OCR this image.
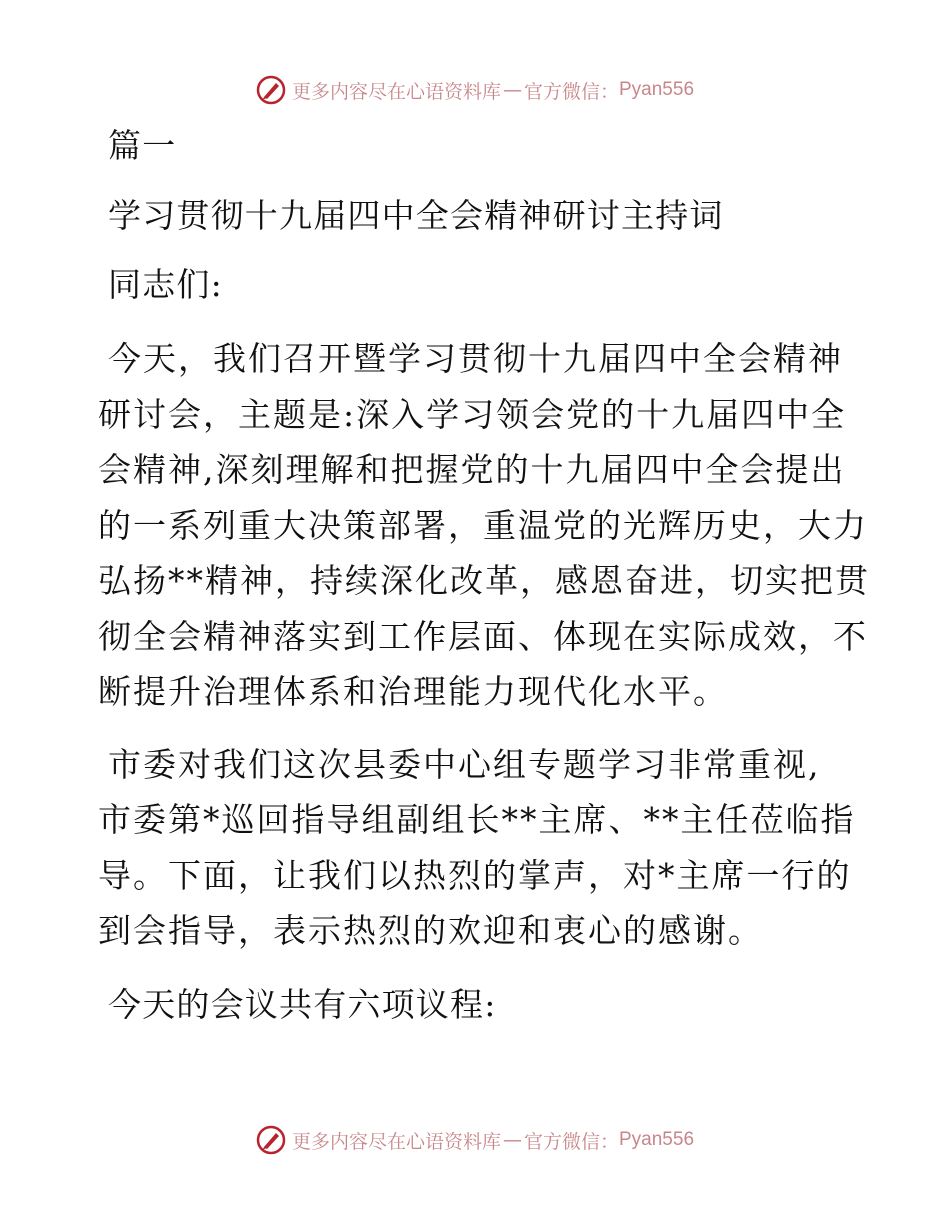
更多内容尽在心语资料库 — 官方微信： Pyan556

篇一

学习贯彻十九届四中全会精神研讨主持词

同志们:

今天，我们召开暨学习贯彻十九届四中全会精神
研讨会，主题是:深入学习领会党的十九届四中全
会精神,深刻理解和把握党的十九届四中全会提出
的一系列重大决策部署，重温党的光辉历史，大力
弘扬**精神，持续深化改革，感恩奋进，切实把贯
彻全会精神落实到工作层面、体现在实际成效，不
断提升治理体系和治理能力现代化水平。
市委对我们这次县委中心组专题学习非常重视,
市委第*巡回指导组副组长**主席、**主任莅临指
导。下面，让我们以热烈的掌声，对*主席一行的
到会指导，表示热烈的欢迎和衷心的感谢。

今天的会议共有六项议程:

更多内容尽在心语资料库 — 官方微信： Pyan556
